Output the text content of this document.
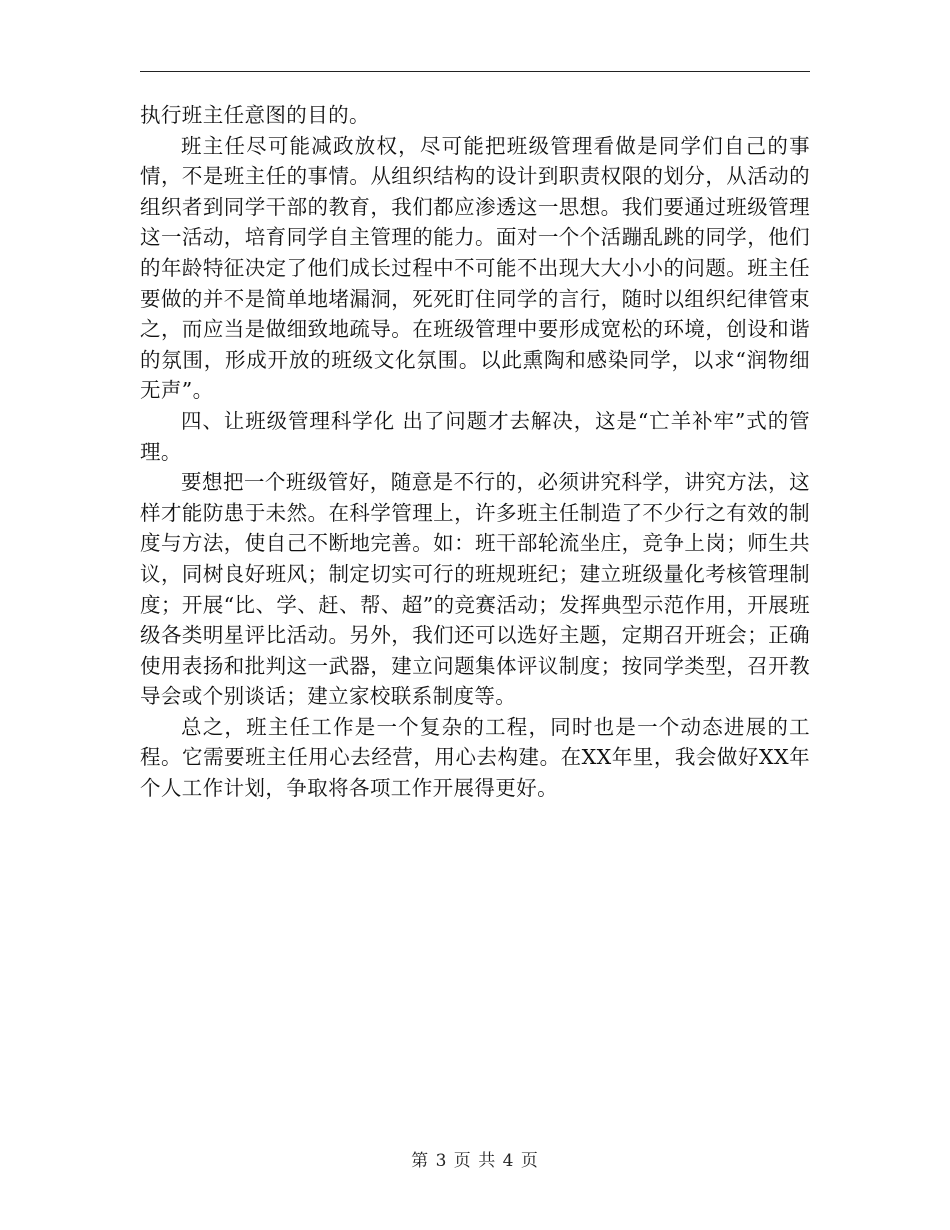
执行班主任意图的目的。

班主任尽可能减政放权，尽可能把班级管理看做是同学们自己的事情，不是班主任的事情。从组织结构的设计到职责权限的划分，从活动的组织者到同学干部的教育，我们都应渗透这一思想。我们要通过班级管理这一活动，培育同学自主管理的能力。面对一个个活蹦乱跳的同学，他们的年龄特征决定了他们成长过程中不可能不出现大大小小的问题。班主任要做的并不是简单地堵漏洞，死死盯住同学的言行，随时以组织纪律管束之，而应当是做细致地疏导。在班级管理中要形成宽松的环境，创设和谐的氛围，形成开放的班级文化氛围。以此熏陶和感染同学，以求“润物细无声”。

四、让班级管理科学化 出了问题才去解决，这是“亡羊补牢”式的管理。

要想把一个班级管好，随意是不行的，必须讲究科学，讲究方法，这样才能防患于未然。在科学管理上，许多班主任制造了不少行之有效的制度与方法，使自己不断地完善。如：班干部轮流坐庄，竞争上岗；师生共议，同树良好班风；制定切实可行的班规班纪；建立班级量化考核管理制度；开展“比、学、赶、帮、超”的竞赛活动；发挥典型示范作用，开展班级各类明星评比活动。另外，我们还可以选好主题，定期召开班会；正确使用表扬和批判这一武器，建立问题集体评议制度；按同学类型，召开教导会或个别谈话；建立家校联系制度等。

总之，班主任工作是一个复杂的工程，同时也是一个动态进展的工程。它需要班主任用心去经营，用心去构建。在XX年里，我会做好XX年个人工作计划，争取将各项工作开展得更好。

第 3 页 共 4 页
